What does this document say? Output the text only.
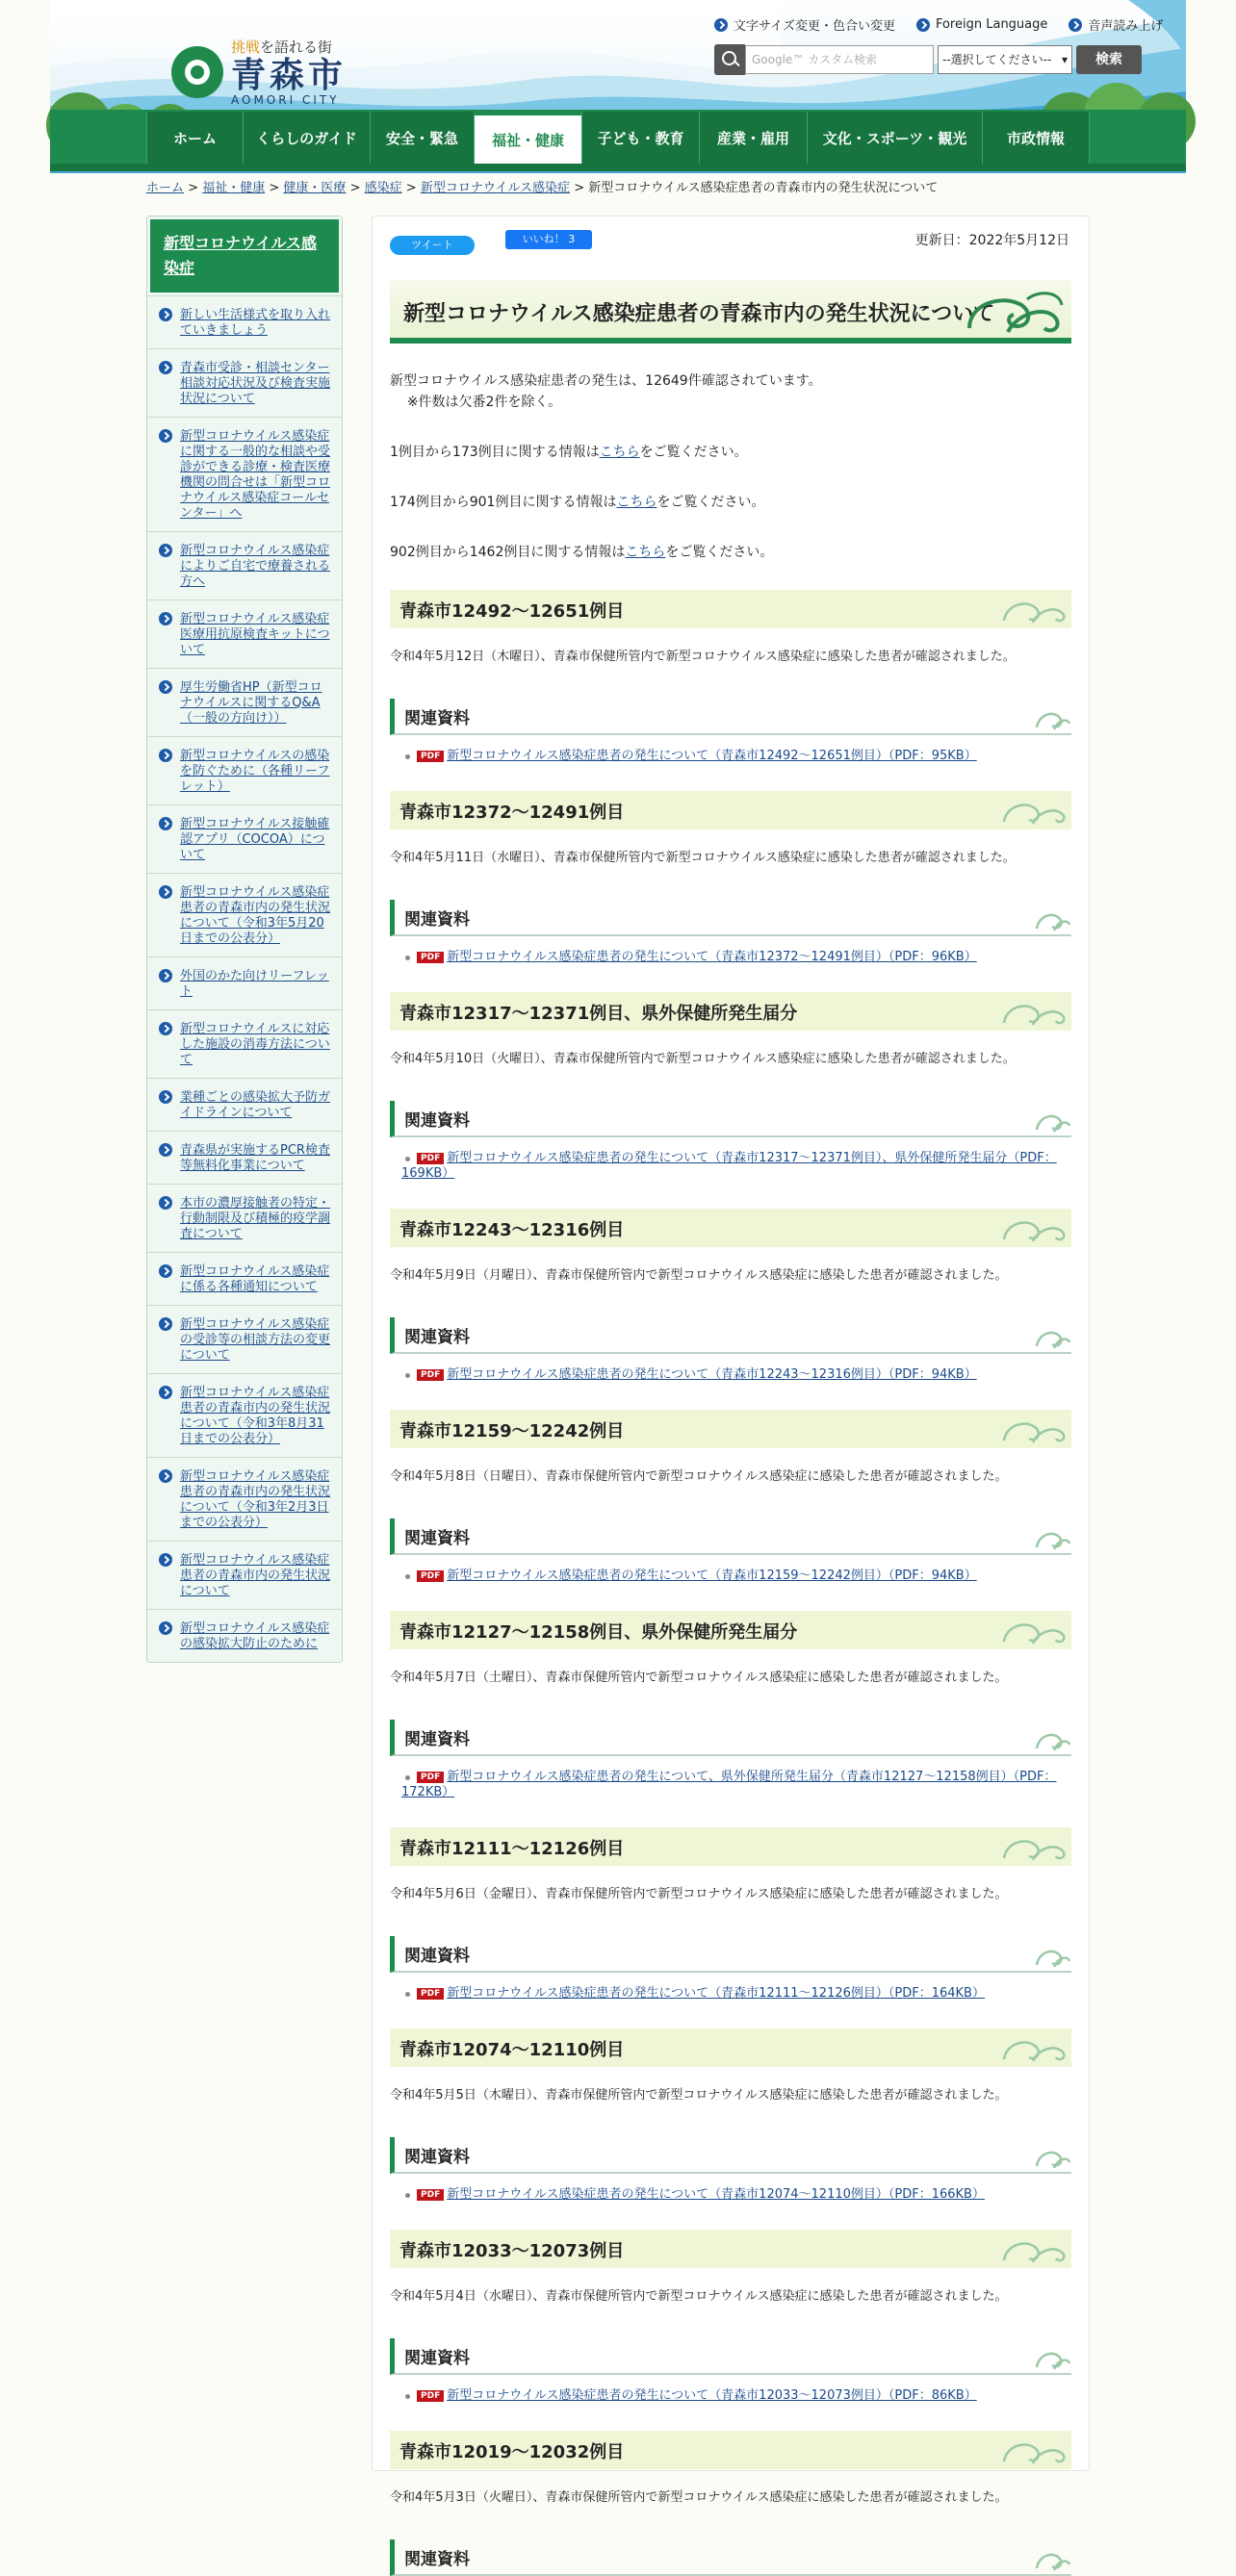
挑戦を語れる街
青森市
AOMORI CITY
文字サイズ変更・色合い変更	Foreign Language	音声読み上げ
Google™ カスタム検索	--選択してください-- ▾	検索
ホーム	くらしのガイド	安全・緊急	福祉・健康	子ども・教育	産業・雇用	文化・スポーツ・観光	市政情報
ホーム > 福祉・健康 > 健康・医療 > 感染症 > 新型コロナウイルス感染症 > 新型コロナウイルス感染症患者の青森市内の発生状況について
新型コロナウイルス感染症
新しい生活様式を取り入れていきましょう
青森市受診・相談センター相談対応状況及び検査実施状況について
新型コロナウイルス感染症に関する一般的な相談や受診ができる診療・検査医療機関の問合せは「新型コロナウイルス感染症コールセンター」へ
新型コロナウイルス感染症によりご自宅で療養される方へ
新型コロナウイルス感染症医療用抗原検査キットについて
厚生労働省HP（新型コロナウイルスに関するQ&A（一般の方向け））
新型コロナウイルスの感染を防ぐために（各種リーフレット）
新型コロナウイルス接触確認アプリ（COCOA）について
新型コロナウイルス感染症患者の青森市内の発生状況について（令和3年5月20日までの公表分）
外国のかた向けリーフレット
新型コロナウイルスに対応した施設の消毒方法について
業種ごとの感染拡大予防ガイドラインについて
青森県が実施するPCR検査等無料化事業について
本市の濃厚接触者の特定・行動制限及び積極的疫学調査について
新型コロナウイルス感染症に係る各種通知について
新型コロナウイルス感染症の受診等の相談方法の変更について
新型コロナウイルス感染症患者の青森市内の発生状況について（令和3年8月31日までの公表分）
新型コロナウイルス感染症患者の青森市内の発生状況について（令和3年2月3日までの公表分）
新型コロナウイルス感染症患者の青森市内の発生状況について
新型コロナウイルス感染症の感染拡大防止のために
ツイート	いいね！ 3	更新日：2022年5月12日
新型コロナウイルス感染症患者の青森市内の発生状況について

新型コロナウイルス感染症患者の発生は、12649件確認されています。
※件数は欠番2件を除く。

1例目から173例目に関する情報はこちらをご覧ください。

174例目から901例目に関する情報はこちらをご覧ください。

902例目から1462例目に関する情報はこちらをご覧ください。

青森市12492～12651例目
令和4年5月12日（木曜日）、青森市保健所管内で新型コロナウイルス感染症に感染した患者が確認されました。
関連資料
PDF 新型コロナウイルス感染症患者の発生について（青森市12492～12651例目）（PDF：95KB）
青森市12372～12491例目
令和4年5月11日（水曜日）、青森市保健所管内で新型コロナウイルス感染症に感染した患者が確認されました。
関連資料
PDF 新型コロナウイルス感染症患者の発生について（青森市12372～12491例目）（PDF：96KB）
青森市12317～12371例目、県外保健所発生届分
令和4年5月10日（火曜日）、青森市保健所管内で新型コロナウイルス感染症に感染した患者が確認されました。
関連資料
PDF 新型コロナウイルス感染症患者の発生について（青森市12317～12371例目）、県外保健所発生届分（PDF：169KB）
青森市12243～12316例目
令和4年5月9日（月曜日）、青森市保健所管内で新型コロナウイルス感染症に感染した患者が確認されました。
関連資料
PDF 新型コロナウイルス感染症患者の発生について（青森市12243～12316例目）（PDF：94KB）
青森市12159～12242例目
令和4年5月8日（日曜日）、青森市保健所管内で新型コロナウイルス感染症に感染した患者が確認されました。
関連資料
PDF 新型コロナウイルス感染症患者の発生について（青森市12159～12242例目）（PDF：94KB）
青森市12127～12158例目、県外保健所発生届分
令和4年5月7日（土曜日）、青森市保健所管内で新型コロナウイルス感染症に感染した患者が確認されました。
関連資料
PDF 新型コロナウイルス感染症患者の発生について、県外保健所発生届分（青森市12127～12158例目）（PDF：172KB）
青森市12111～12126例目
令和4年5月6日（金曜日）、青森市保健所管内で新型コロナウイルス感染症に感染した患者が確認されました。
関連資料
PDF 新型コロナウイルス感染症患者の発生について（青森市12111～12126例目）（PDF：164KB）
青森市12074～12110例目
令和4年5月5日（木曜日）、青森市保健所管内で新型コロナウイルス感染症に感染した患者が確認されました。
関連資料
PDF 新型コロナウイルス感染症患者の発生について（青森市12074～12110例目）（PDF：166KB）
青森市12033～12073例目
令和4年5月4日（水曜日）、青森市保健所管内で新型コロナウイルス感染症に感染した患者が確認されました。
関連資料
PDF 新型コロナウイルス感染症患者の発生について（青森市12033～12073例目）（PDF：86KB）
青森市12019～12032例目
令和4年5月3日（火曜日）、青森市保健所管内で新型コロナウイルス感染症に感染した患者が確認されました。
関連資料
